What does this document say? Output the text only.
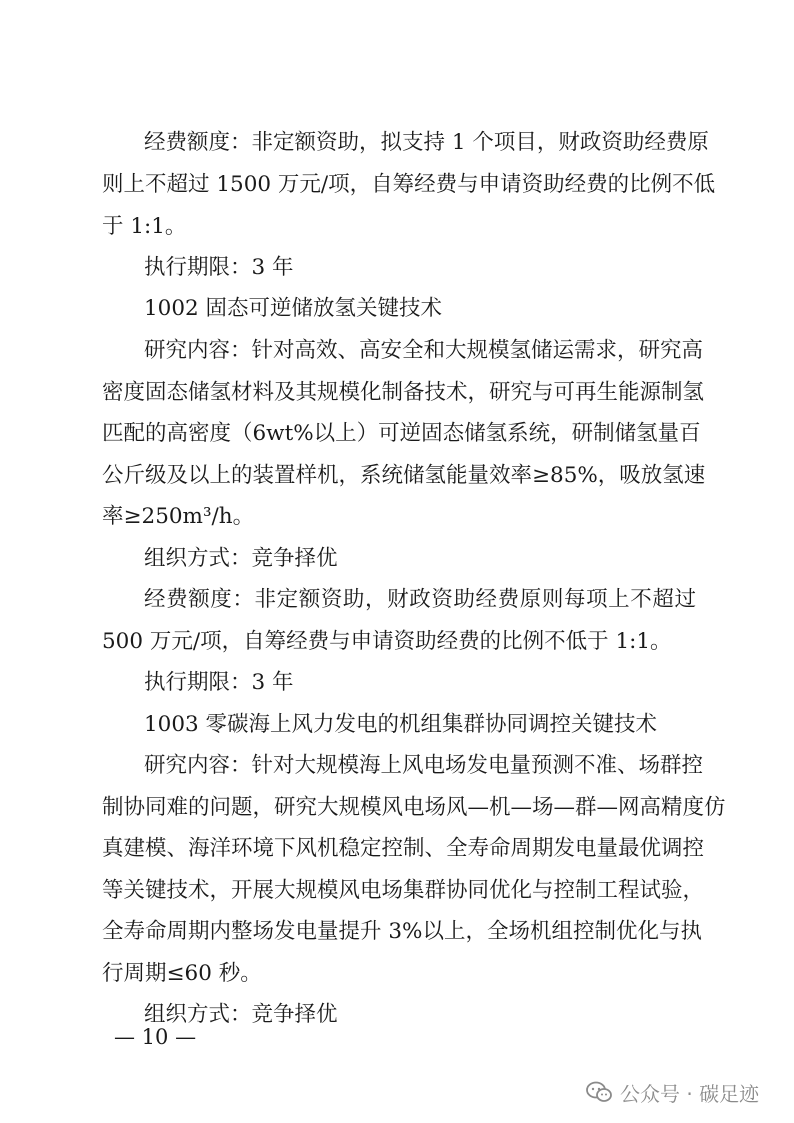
经费额度：非定额资助，拟支持 1 个项目，财政资助经费原
则上不超过 1500 万元/项，自筹经费与申请资助经费的比例不低
于 1:1。
执行期限：3 年
1002 固态可逆储放氢关键技术
研究内容：针对高效、高安全和大规模氢储运需求，研究高
密度固态储氢材料及其规模化制备技术，研究与可再生能源制氢
匹配的高密度（6wt%以上）可逆固态储氢系统，研制储氢量百
公斤级及以上的装置样机，系统储氢能量效率≥85%，吸放氢速
率≥250m³/h。
组织方式：竞争择优
经费额度：非定额资助，财政资助经费原则每项上不超过
500 万元/项，自筹经费与申请资助经费的比例不低于 1:1。
执行期限：3 年
1003 零碳海上风力发电的机组集群协同调控关键技术
研究内容：针对大规模海上风电场发电量预测不准、场群控
制协同难的问题，研究大规模风电场风—机—场—群—网高精度仿
真建模、海洋环境下风机稳定控制、全寿命周期发电量最优调控
等关键技术，开展大规模风电场集群协同优化与控制工程试验，
全寿命周期内整场发电量提升 3%以上，全场机组控制优化与执
行周期≤60 秒。
组织方式：竞争择优
— 10 —
公众号 · 碳足迹
